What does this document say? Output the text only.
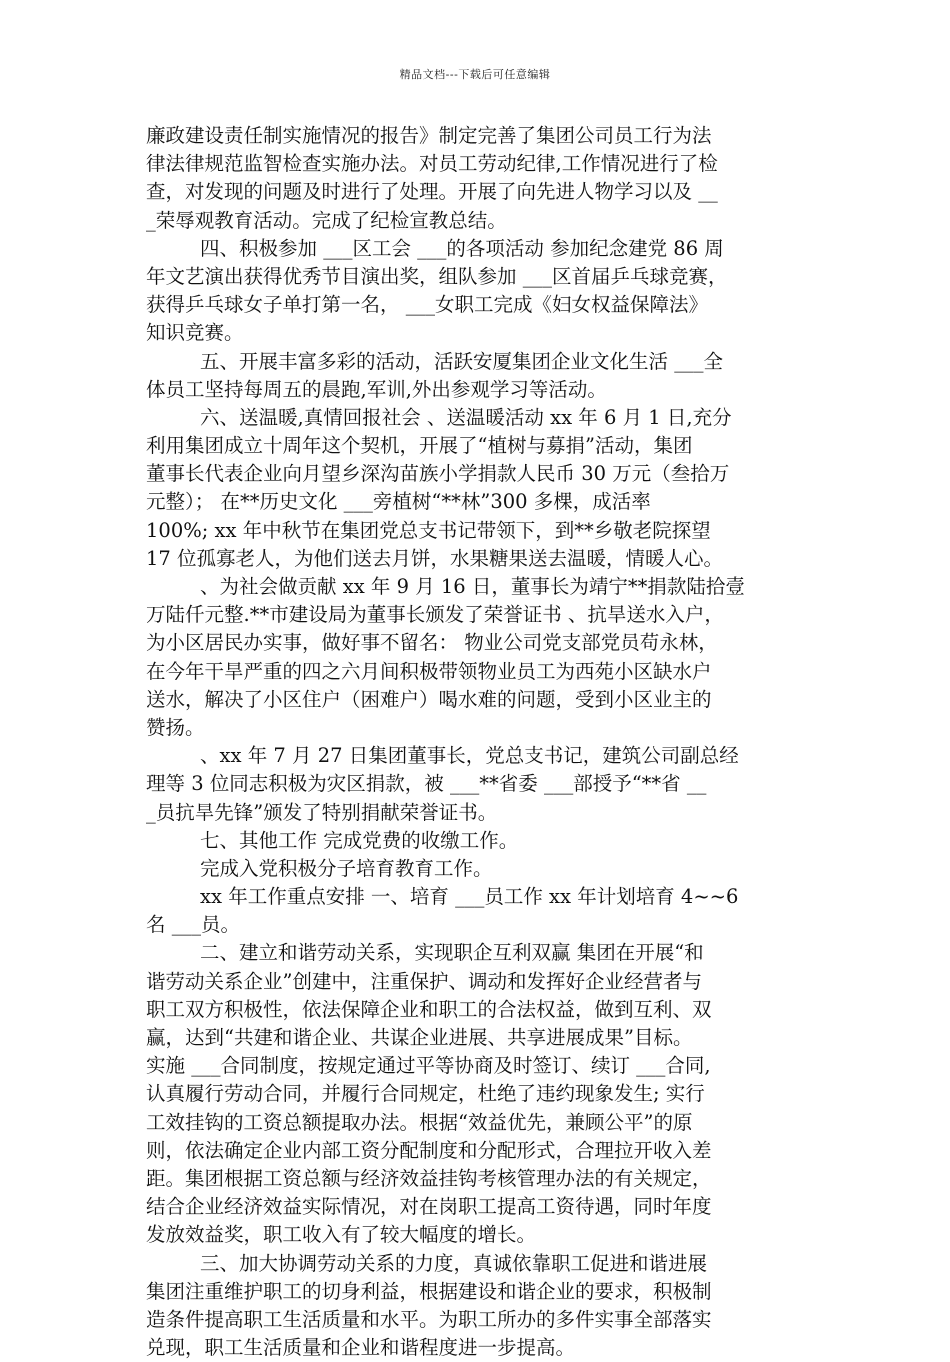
精品文档---下载后可任意编辑
廉政建设责任制实施情况的报告》制定完善了集团公司员工行为法
律法律规范监智检查实施办法。对员工劳动纪律,工作情况进行了检
查，对发现的问题及时进行了处理。开展了向先进人物学习以及 __
_荣辱观教育活动。完成了纪检宣教总结。
四、积极参加 ___区工会 ___的各项活动 参加纪念建党 86 周
年文艺演出获得优秀节目演出奖，组队参加 ___区首届乒乓球竞赛，
获得乒乓球女子单打第一名， ___女职工完成《妇女权益保障法》
知识竞赛。
五、开展丰富多彩的活动，活跃安厦集团企业文化生活 ___全
体员工坚持每周五的晨跑,军训,外出参观学习等活动。
六、送温暖,真情回报社会 、送温暖活动 xx 年 6 月 1 日,充分
利用集团成立十周年这个契机，开展了“植树与募捐”活动，集团
董事长代表企业向月望乡深沟苗族小学捐款人民币 30 万元（叁拾万
元整）； 在**历史文化 ___旁植树“**林”300 多棵，成活率
100%; xx 年中秋节在集团党总支书记带领下，到**乡敬老院探望
17 位孤寡老人，为他们送去月饼，水果糖果送去温暖，情暖人心。
、为社会做贡献 xx 年 9 月 16 日，董事长为靖宁**捐款陆拾壹
万陆仟元整.**市建设局为董事长颁发了荣誉证书 、抗旱送水入户，
为小区居民办实事，做好事不留名： 物业公司党支部党员苟永林，
在今年干旱严重的四之六月间积极带领物业员工为西苑小区缺水户
送水，解决了小区住户（困难户）喝水难的问题，受到小区业主的
赞扬。
、xx 年 7 月 27 日集团董事长，党总支书记，建筑公司副总经
理等 3 位同志积极为灾区捐款，被 ___**省委 ___部授予“**省 __
_员抗旱先锋”颁发了特别捐献荣誉证书。
七、其他工作 完成党费的收缴工作。
完成入党积极分子培育教育工作。
xx 年工作重点安排 一、培育 ___员工作 xx 年计划培育 4~~6
名 ___员。
二、建立和谐劳动关系，实现职企互利双赢 集团在开展“和
谐劳动关系企业”创建中，注重保护、调动和发挥好企业经营者与
职工双方积极性，依法保障企业和职工的合法权益，做到互利、双
赢，达到“共建和谐企业、共谋企业进展、共享进展成果”目标。
实施 ___合同制度，按规定通过平等协商及时签订、续订 ___合同,
认真履行劳动合同，并履行合同规定，杜绝了违约现象发生; 实行
工效挂钩的工资总额提取办法。根据“效益优先，兼顾公平”的原
则，依法确定企业内部工资分配制度和分配形式，合理拉开收入差
距。集团根据工资总额与经济效益挂钩考核管理办法的有关规定，
结合企业经济效益实际情况，对在岗职工提高工资待遇，同时年度
发放效益奖，职工收入有了较大幅度的增长。
三、加大协调劳动关系的力度，真诚依靠职工促进和谐进展
集团注重维护职工的切身利益，根据建设和谐企业的要求，积极制
造条件提高职工生活质量和水平。为职工所办的多件实事全部落实
兑现，职工生活质量和企业和谐程度进一步提高。
